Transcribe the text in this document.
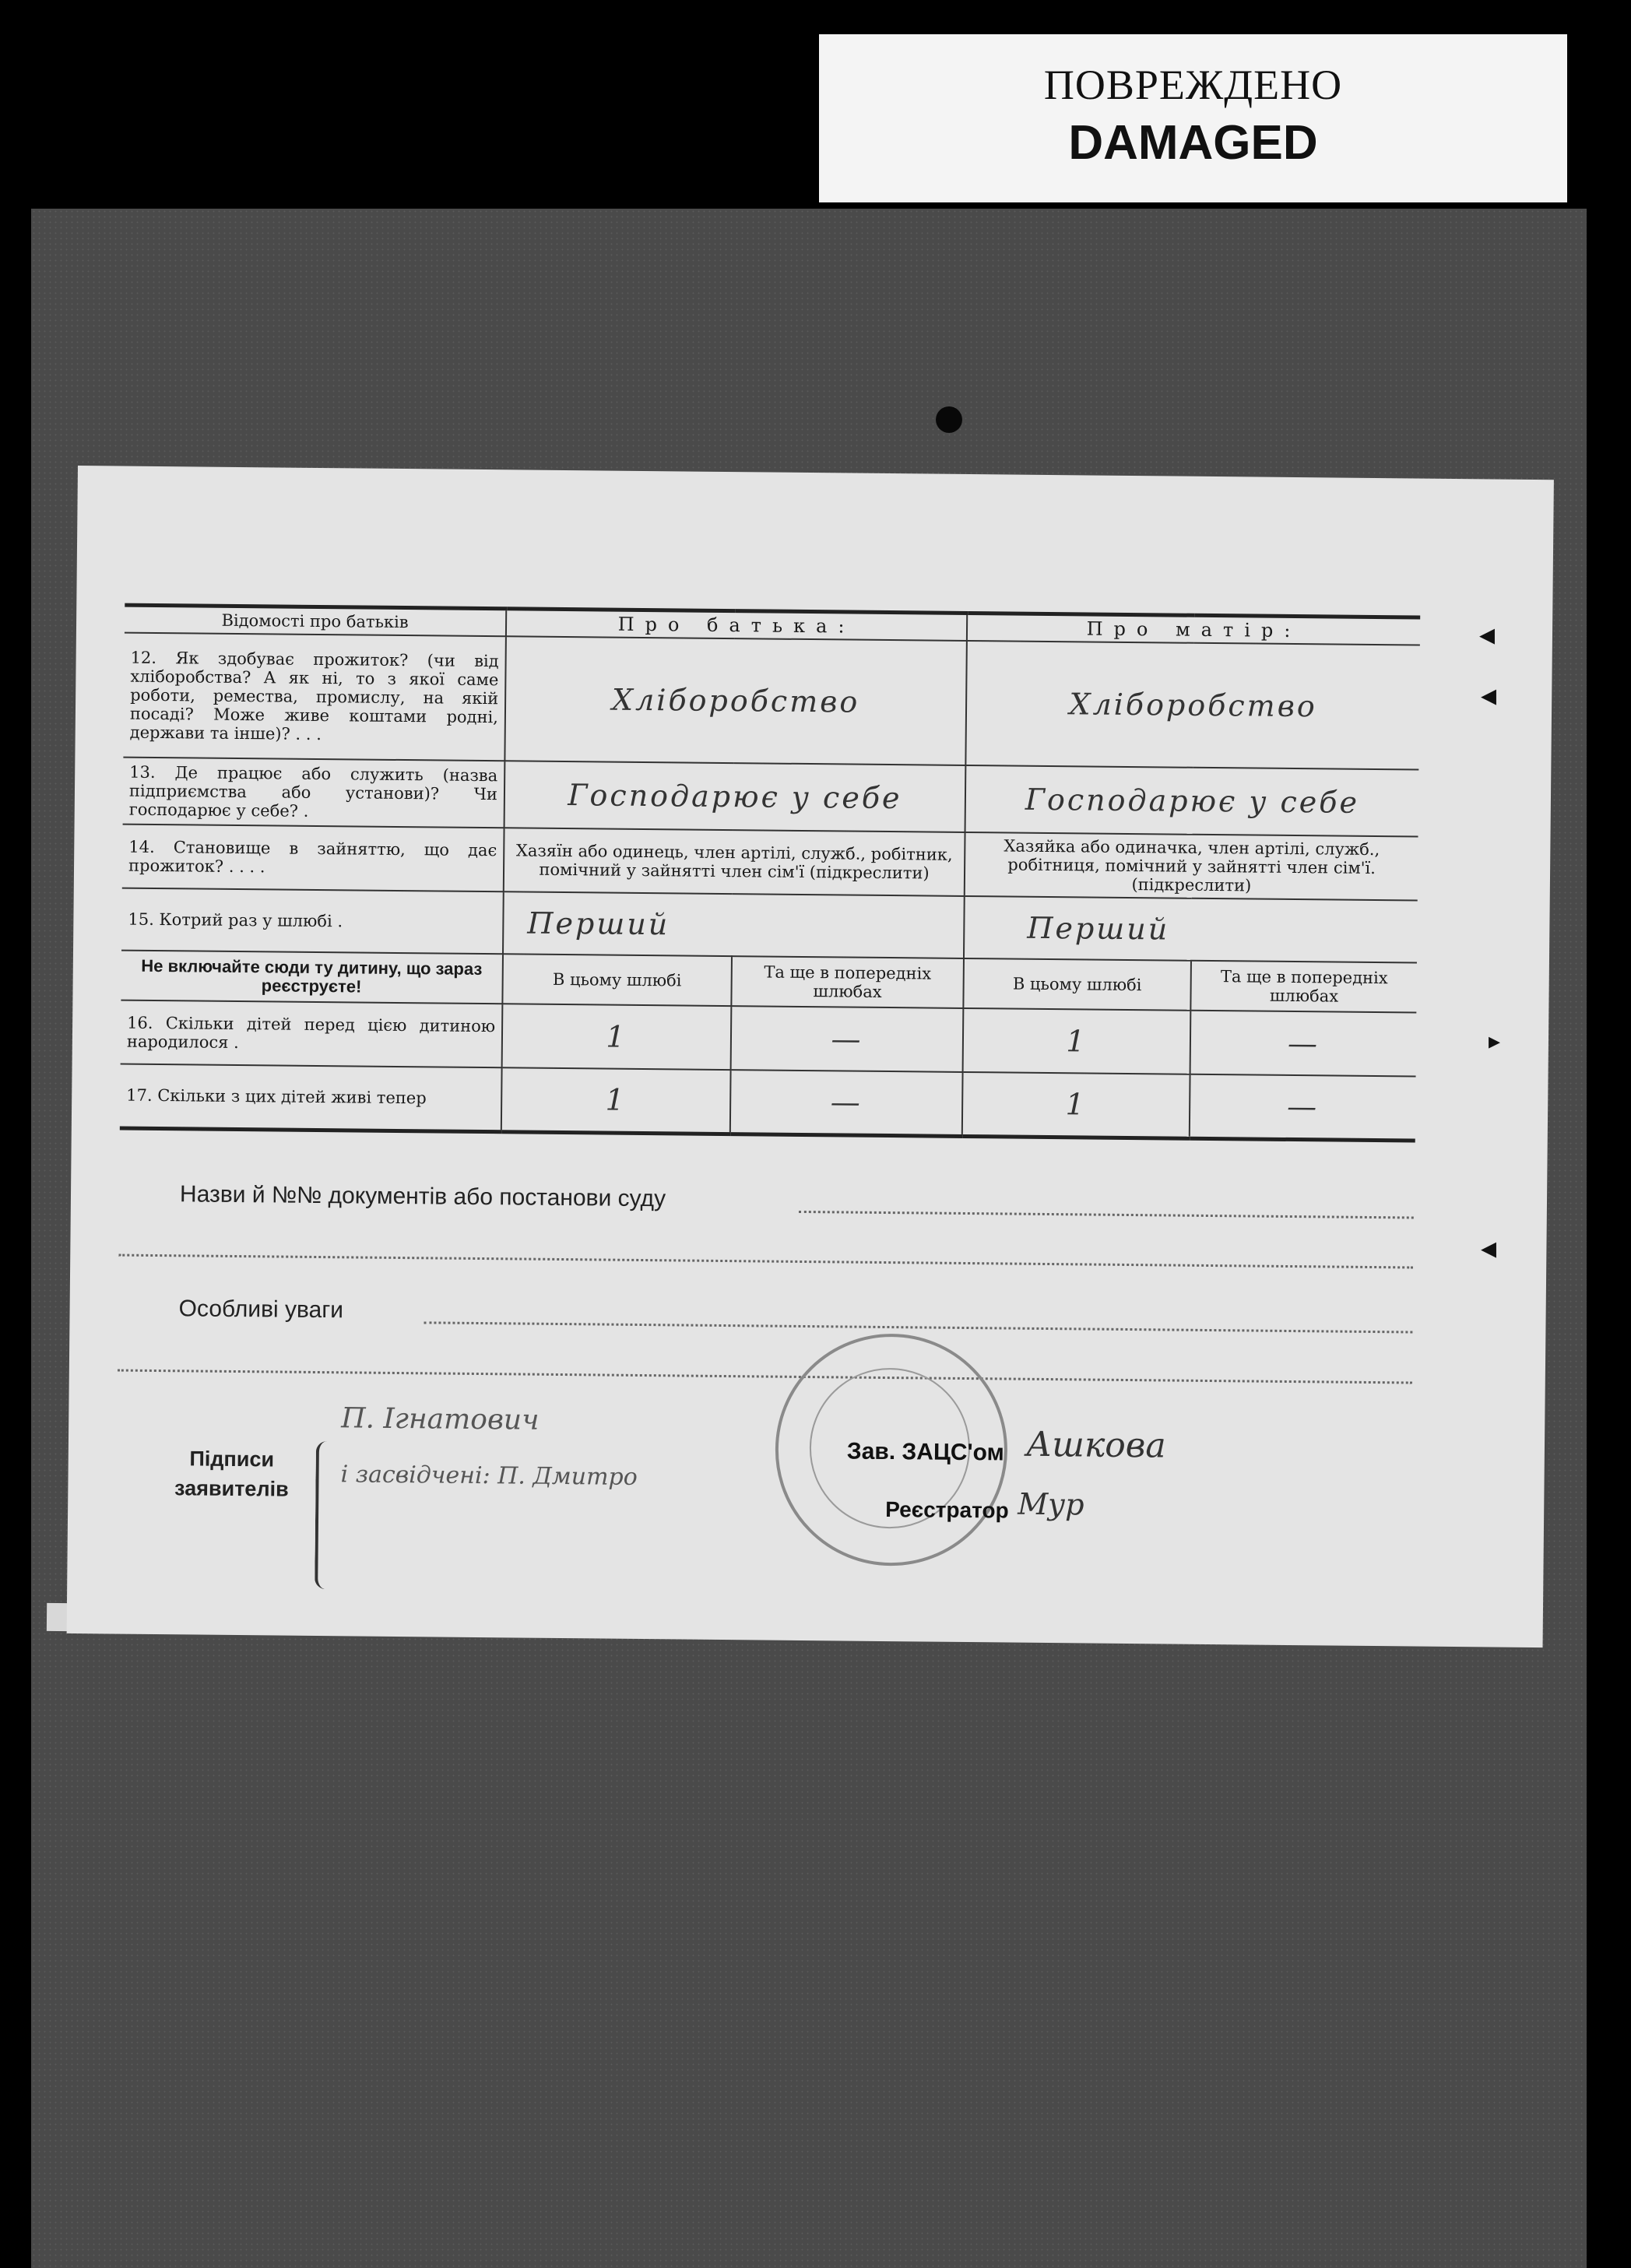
ПОВРЕЖДЕНО
DAMAGED
Відомості про батьків	Про батька:		Про матір:	
12. Як здобуває прожиток? (чи від хліборобства? А як ні, то з якої саме роботи, ремества, промислу, на якій посаді? Може живе коштами родні, держави та інше)? . . .	Хліборобство		Хліборобство	
13. Де працює або служить (назва підприємства або установи)? Чи господарює у себе? .	Господарює у себе		Господарює у себе	
14. Становище в зайняттю, що дає прожиток? . . . .	Хазяїн або одинець, член артілі, служб., робітник, помічний у зайнятті член сім'ї (підкреслити)		Хазяйка або одиначка, член артілі, служб., робітниця, помічний у зайнятті член сім'ї. (підкреслити)	
15. Котрий раз у шлюбі .	Перший		Перший	
Не включайте сюди ту дитину, що зараз реєструєте!	В цьому шлюбі	Та ще в попередніх шлюбах	В цьому шлюбі	Та ще в попередніх шлюбах
16. Скільки дітей перед цією дитиною народилося .	1	—	1	—
17. Скільки з цих дітей живі тепер	1	—	1	—
Назви й №№ документів або постанови суду
Особливі уваги
Підписи заявителів
П. Ігнатович
і засвідчені: П. Дмитро
Зав. ЗАЦС'ом Ашкова
Реєстратор Мур
◂
◂
▸
◂
